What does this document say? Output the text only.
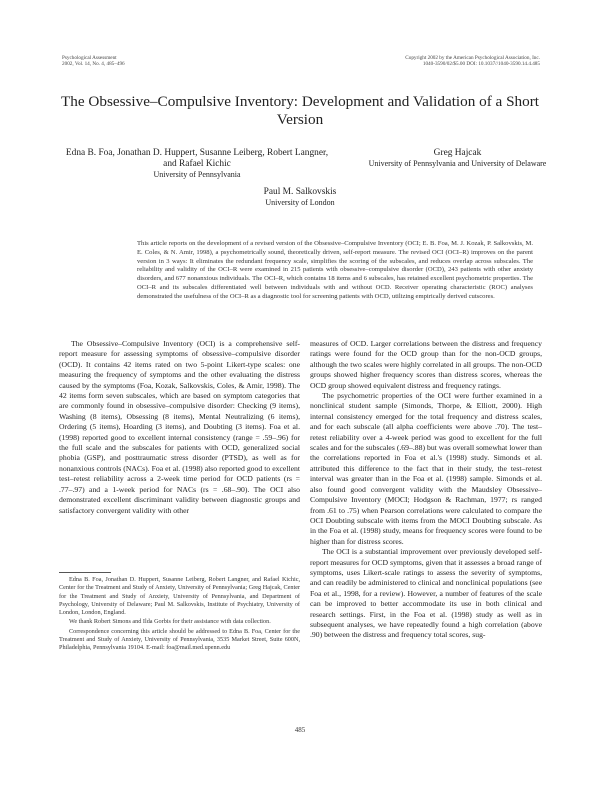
Psychological Assessment
2002, Vol. 14, No. 4, 485–496
Copyright 2002 by the American Psychological Association, Inc.
1040-3590/02/$5.00 DOI: 10.1037//1040-3590.14.4.485
The Obsessive–Compulsive Inventory: Development and Validation of a Short Version
Edna B. Foa, Jonathan D. Huppert, Susanne Leiberg, Robert Langner, and Rafael Kichic
University of Pennsylvania
Greg Hajcak
University of Pennsylvania and University of Delaware
Paul M. Salkovskis
University of London

This article reports on the development of a revised version of the Obsessive–Compulsive Inventory (OCI; E. B. Foa, M. J. Kozak, P. Salkovskis, M. E. Coles, & N. Amir, 1998), a psychometrically sound, theoretically driven, self-report measure. The revised OCI (OCI–R) improves on the parent version in 3 ways: It eliminates the redundant frequency scale, simplifies the scoring of the subscales, and reduces overlap across subscales. The reliability and validity of the OCI–R were examined in 215 patients with obsessive–compulsive disorder (OCD), 243 patients with other anxiety disorders, and 677 nonanxious individuals. The OCI–R, which contains 18 items and 6 subscales, has retained excellent psychometric properties. The OCI–R and its subscales differentiated well between individuals with and without OCD. Receiver operating characteristic (ROC) analyses demonstrated the usefulness of the OCI–R as a diagnostic tool for screening patients with OCD, utilizing empirically derived cutscores.

The Obsessive–Compulsive Inventory (OCI) is a comprehensive self-report measure for assessing symptoms of obsessive–compulsive disorder (OCD). It contains 42 items rated on two 5-point Likert-type scales: one measuring the frequency of symptoms and the other evaluating the distress caused by the symptoms (Foa, Kozak, Salkovskis, Coles, & Amir, 1998). The 42 items form seven subscales, which are based on symptom categories that are commonly found in obsessive–compulsive disorder: Checking (9 items), Washing (8 items), Obsessing (8 items), Mental Neutralizing (6 items), Ordering (5 items), Hoarding (3 items), and Doubting (3 items). Foa et al. (1998) reported good to excellent internal consistency (range = .59–.96) for the full scale and the subscales for patients with OCD, generalized social phobia (GSP), and posttraumatic stress disorder (PTSD), as well as for nonanxious controls (NACs). Foa et al. (1998) also reported good to excellent test–retest reliability across a 2-week time period for OCD patients (rs = .77–.97) and a 1-week period for NACs (rs = .68–.90). The OCI also demonstrated excellent discriminant validity between diagnostic groups and satisfactory convergent validity with other

measures of OCD. Larger correlations between the distress and frequency ratings were found for the OCD group than for the non-OCD groups, although the two scales were highly correlated in all groups. The non-OCD groups showed higher frequency scores than distress scores, whereas the OCD group showed equivalent distress and frequency ratings.

The psychometric properties of the OCI were further examined in a nonclinical student sample (Simonds, Thorpe, & Elliott, 2000). High internal consistency emerged for the total frequency and distress scales, and for each subscale (all alpha coefficients were above .70). The test–retest reliability over a 4-week period was good to excellent for the full scales and for the subscales (.69–.88) but was overall somewhat lower than the correlations reported in Foa et al.'s (1998) study. Simonds et al. attributed this difference to the fact that in their study, the test–retest interval was greater than in the Foa et al. (1998) sample. Simonds et al. also found good convergent validity with the Maudsley Obsessive–Compulsive Inventory (MOCI; Hodgson & Rachman, 1977; rs ranged from .61 to .75) when Pearson correlations were calculated to compare the OCI Doubting subscale with items from the MOCI Doubting subscale. As in the Foa et al. (1998) study, means for frequency scores were found to be higher than for distress scores.

The OCI is a substantial improvement over previously developed self-report measures for OCD symptoms, given that it assesses a broad range of symptoms, uses Likert-scale ratings to assess the severity of symptoms, and can readily be administered to clinical and nonclinical populations (see Foa et al., 1998, for a review). However, a number of features of the scale can be improved to better accommodate its use in both clinical and research settings. First, in the Foa et al. (1998) study as well as in subsequent analyses, we have repeatedly found a high correlation (above .90) between the distress and frequency total scores, sug-

Edna B. Foa, Jonathan D. Huppert, Susanne Leiberg, Robert Langner, and Rafael Kichic, Center for the Treatment and Study of Anxiety, University of Pennsylvania; Greg Hajcak, Center for the Treatment and Study of Anxiety, University of Pennsylvania, and Department of Psychology, University of Delaware; Paul M. Salkovskis, Institute of Psychiatry, University of London, London, England.

We thank Robert Simons and Ilda Gorbis for their assistance with data collection.

Correspondence concerning this article should be addressed to Edna B. Foa, Center for the Treatment and Study of Anxiety, University of Pennsylvania, 3535 Market Street, Suite 600N, Philadelphia, Pennsylvania 19104. E-mail: foa@mail.med.upenn.edu

485
